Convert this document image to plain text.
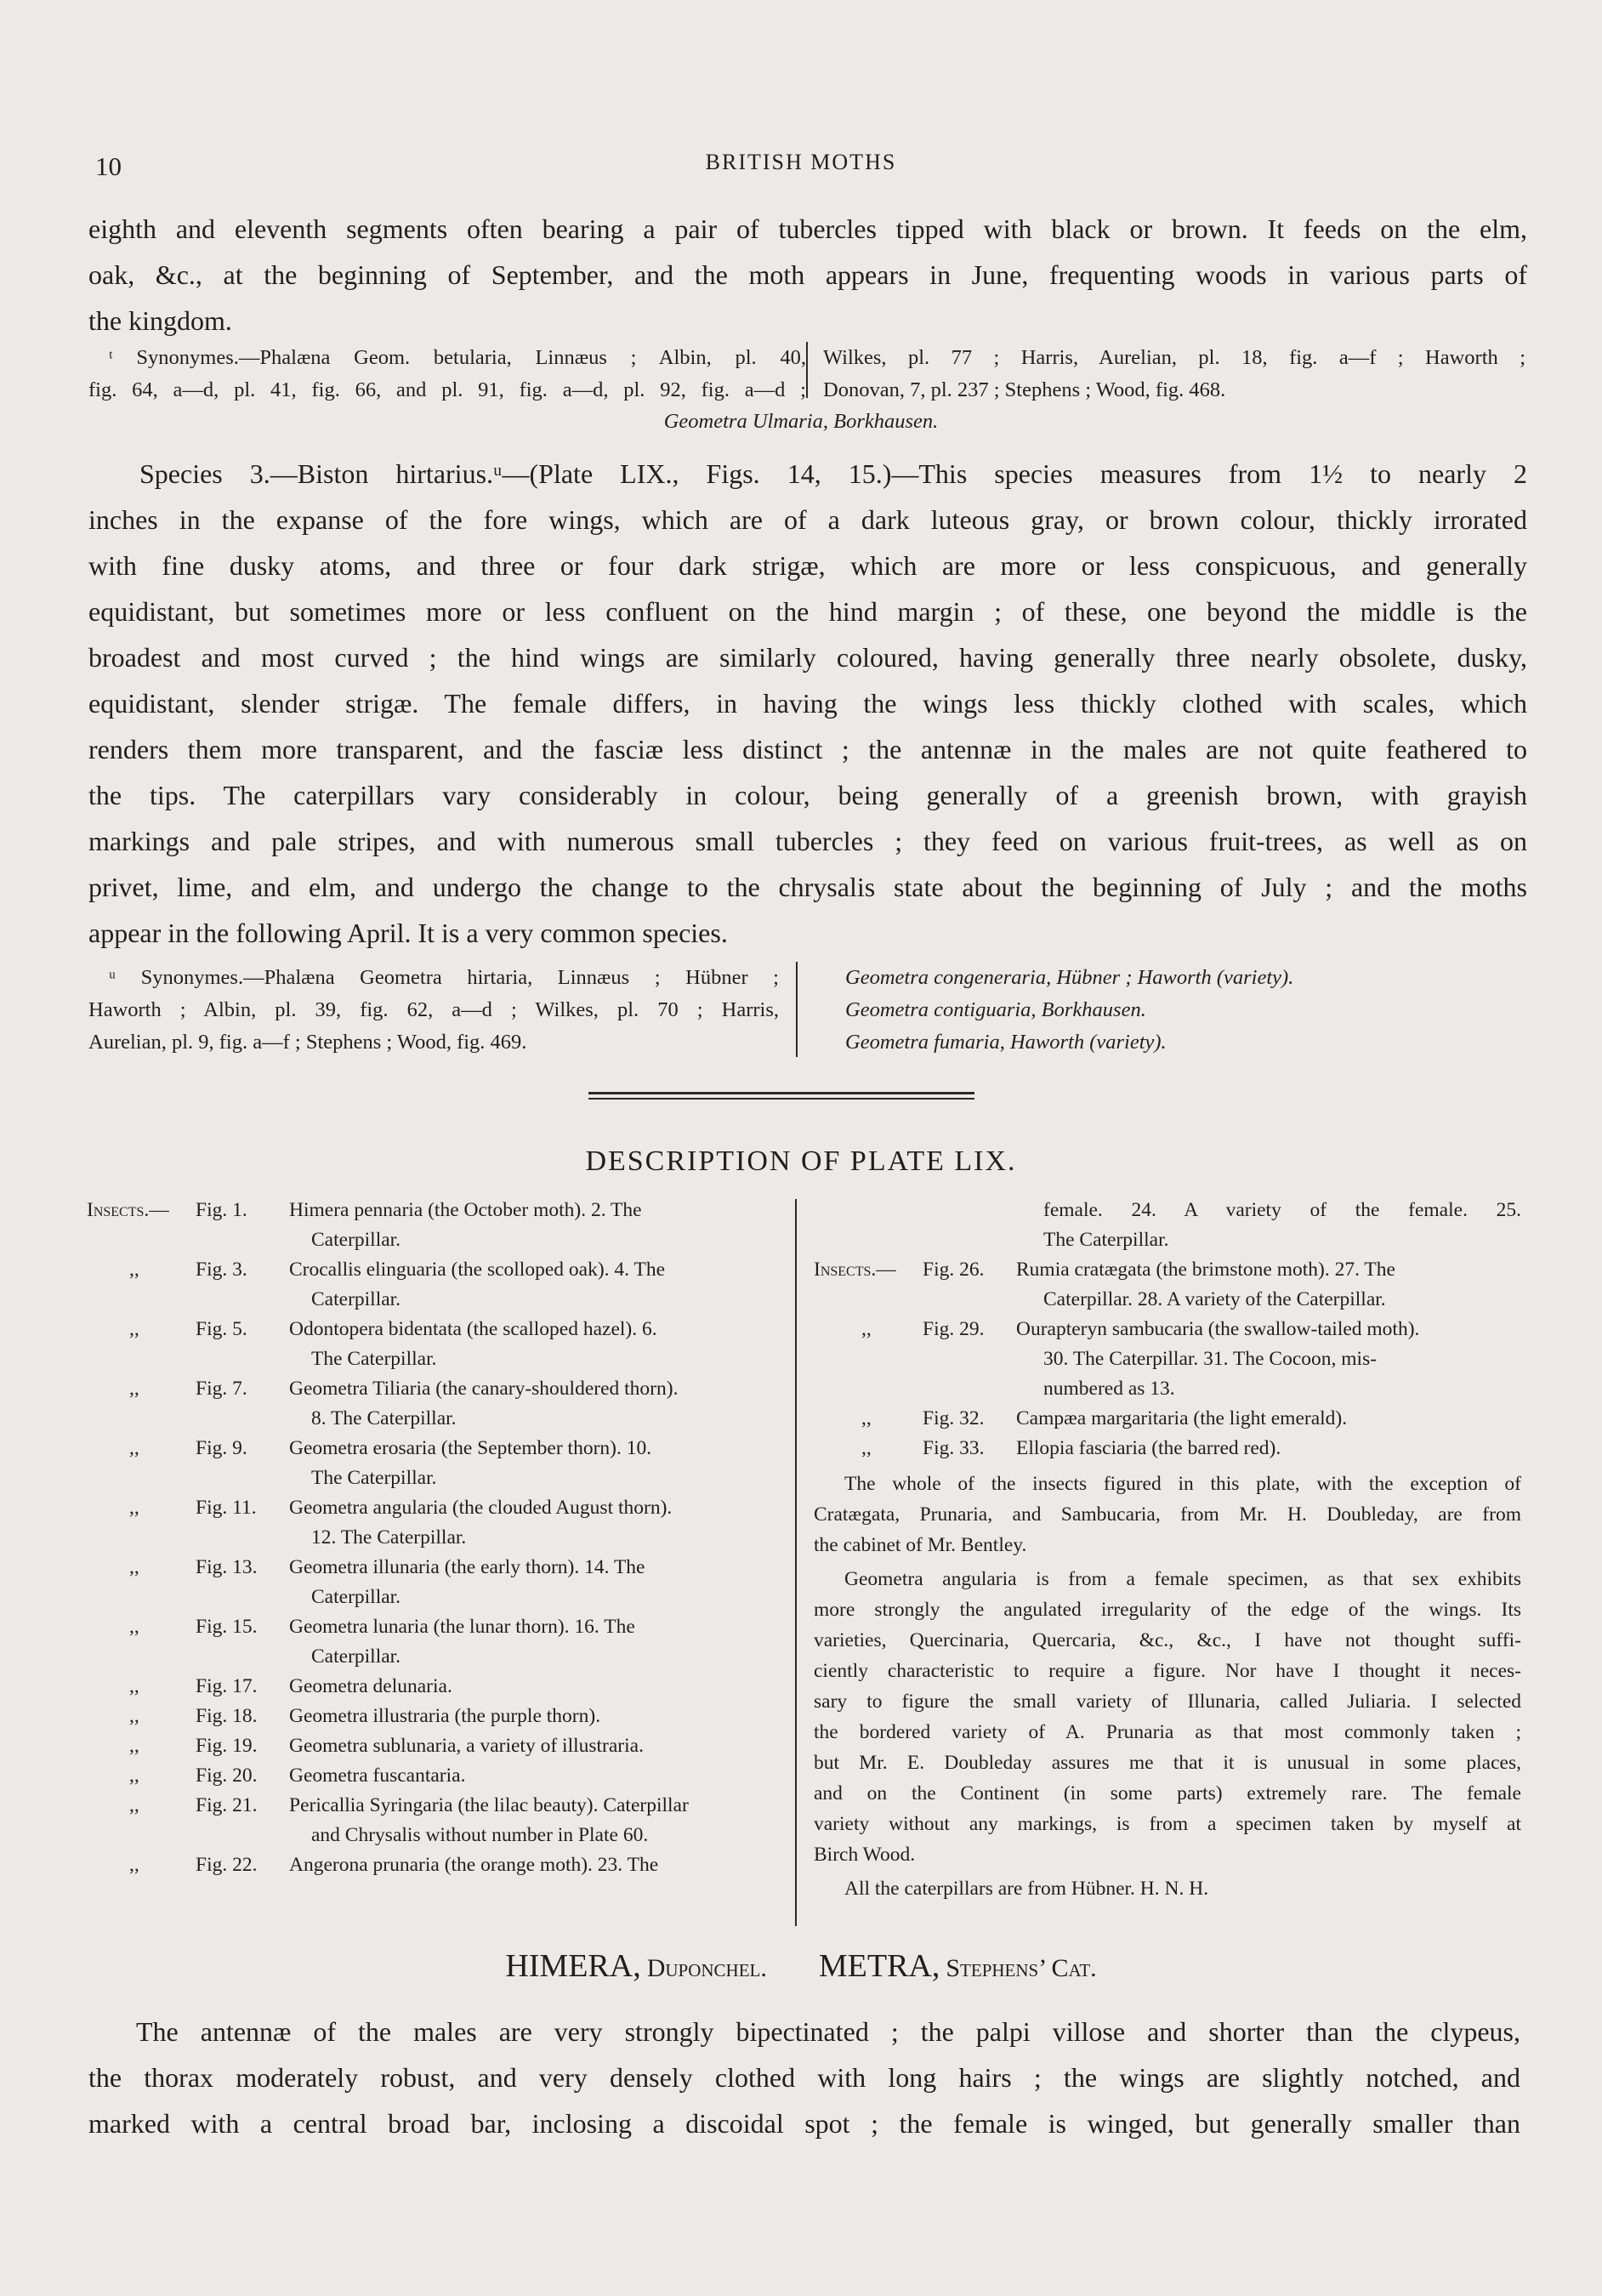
10	BRITISH MOTHS
eighth and eleventh segments often bearing a pair of tubercles tipped with black or brown. It feeds on the elm,
oak, &c., at the beginning of September, and the moth appears in June, frequenting woods in various parts of
the kingdom.
ᵗ Synonymes.—Phalæna Geom. betularia, Linnæus ; Albin, pl. 40,
fig. 64, a—d, pl. 41, fig. 66, and pl. 91, fig. a—d, pl. 92, fig. a—d ;
Wilkes, pl. 77 ; Harris, Aurelian, pl. 18, fig. a—f ; Haworth ;
Donovan, 7, pl. 237 ; Stephens ; Wood, fig. 468.
Geometra Ulmaria, Borkhausen.
Species 3.—Biston hirtarius.ᵘ—(Plate LIX., Figs. 14, 15.)—This species measures from 1½ to nearly 2
inches in the expanse of the fore wings, which are of a dark luteous gray, or brown colour, thickly irrorated
with fine dusky atoms, and three or four dark strigæ, which are more or less conspicuous, and generally
equidistant, but sometimes more or less confluent on the hind margin ; of these, one beyond the middle is the
broadest and most curved ; the hind wings are similarly coloured, having generally three nearly obsolete, dusky,
equidistant, slender strigæ. The female differs, in having the wings less thickly clothed with scales, which
renders them more transparent, and the fasciæ less distinct ; the antennæ in the males are not quite feathered to
the tips. The caterpillars vary considerably in colour, being generally of a greenish brown, with grayish
markings and pale stripes, and with numerous small tubercles ; they feed on various fruit-trees, as well as on
privet, lime, and elm, and undergo the change to the chrysalis state about the beginning of July ; and the moths
appear in the following April. It is a very common species.
ᵘ Synonymes.—Phalæna Geometra hirtaria, Linnæus ; Hübner ;
Haworth ; Albin, pl. 39, fig. 62, a—d ; Wilkes, pl. 70 ; Harris,
Aurelian, pl. 9, fig. a—f ; Stephens ; Wood, fig. 469.
Geometra congeneraria, Hübner ; Haworth (variety).
Geometra contiguaria, Borkhausen.
Geometra fumaria, Haworth (variety).
DESCRIPTION OF PLATE LIX.
Insects.— Fig. 1. Himera pennaria (the October moth). 2. The
Caterpillar.
,,	Fig. 3. Crocallis elinguaria (the scolloped oak). 4. The
Caterpillar.
,,	Fig. 5. Odontopera bidentata (the scalloped hazel). 6.
The Caterpillar.
,,	Fig. 7. Geometra Tiliaria (the canary-shouldered thorn).
8. The Caterpillar.
,,	Fig. 9. Geometra erosaria (the September thorn). 10.
The Caterpillar.
,,	Fig. 11. Geometra angularia (the clouded August thorn).
12. The Caterpillar.
,,	Fig. 13. Geometra illunaria (the early thorn). 14. The
Caterpillar.
,,	Fig. 15. Geometra lunaria (the lunar thorn). 16. The
Caterpillar.
,,	Fig. 17. Geometra delunaria.
,,	Fig. 18. Geometra illustraria (the purple thorn).
,,	Fig. 19. Geometra sublunaria, a variety of illustraria.
,,	Fig. 20. Geometra fuscantaria.
,,	Fig. 21. Pericallia Syringaria (the lilac beauty). Caterpillar
and Chrysalis without number in Plate 60.
,,	Fig. 22. Angerona prunaria (the orange moth). 23. The
female. 24. A variety of the female. 25.
The Caterpillar.
Insects.— Fig. 26. Rumia cratægata (the brimstone moth). 27. The
Caterpillar. 28. A variety of the Caterpillar.
,,	Fig. 29. Ourapteryn sambucaria (the swallow-tailed moth).
30. The Caterpillar. 31. The Cocoon, mis-
numbered as 13.
,,	Fig. 32. Campæa margaritaria (the light emerald).
,,	Fig. 33. Ellopia fasciaria (the barred red).
The whole of the insects figured in this plate, with the exception of
Cratægata, Prunaria, and Sambucaria, from Mr. H. Doubleday, are from
the cabinet of Mr. Bentley.
Geometra angularia is from a female specimen, as that sex exhibits
more strongly the angulated irregularity of the edge of the wings. Its
varieties, Quercinaria, Quercaria, &c., &c., I have not thought suffi-
ciently characteristic to require a figure. Nor have I thought it neces-
sary to figure the small variety of Illunaria, called Juliaria. I selected
the bordered variety of A. Prunaria as that most commonly taken ;
but Mr. E. Doubleday assures me that it is unusual in some places,
and on the Continent (in some parts) extremely rare. The female
variety without any markings, is from a specimen taken by myself at
Birch Wood.
All the caterpillars are from Hübner. H. N. H.
HIMERA, Duponchel. METRA, Stephens’ Cat.
The antennæ of the males are very strongly bipectinated ; the palpi villose and shorter than the clypeus,
the thorax moderately robust, and very densely clothed with long hairs ; the wings are slightly notched, and
marked with a central broad bar, inclosing a discoidal spot ; the female is winged, but generally smaller than
